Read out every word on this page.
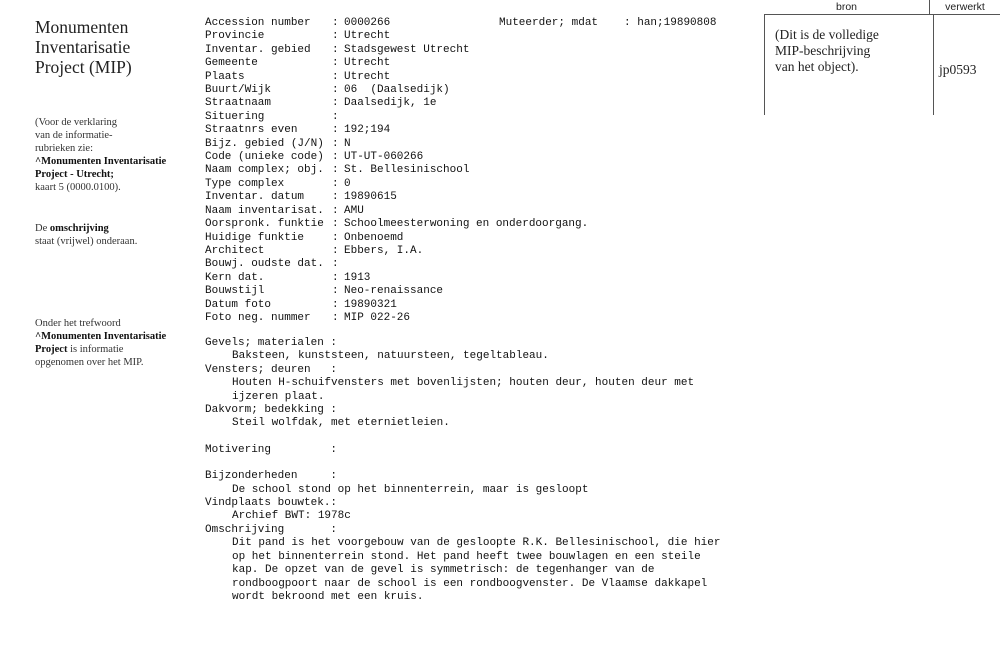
Monumenten
Inventarisatie
Project (MIP)
(Voor de verklaring
van de informatie-
rubrieken zie:
^Monumenten Inventarisatie
Project - Utrecht;
kaart 5 (0000.0100).
De omschrijving
staat (vrijwel) onderaan.
Onder het trefwoord
^Monumenten Inventarisatie
Project is informatie
opgenomen over het MIP.
Accession number	: 0000266	Muteerder; mdat : han;19890808
Provincie	: Utrecht
Inventar. gebied	: Stadsgewest Utrecht
Gemeente	: Utrecht
Plaats	: Utrecht
Buurt/Wijk	: 06  (Daalsedijk)
Straatnaam	: Daalsedijk, 1e
Situering	:
Straatnrs even	: 192;194
Bijz. gebied (J/N) : N
Code (unieke code) : UT-UT-060266
Naam complex; obj. : St. Bellesinischool
Type complex	: 0
Inventar. datum	: 19890615
Naam inventarisat. : AMU
Oorspronk. funktie : Schoolmeesterwoning en onderdoorgang.
Huidige funktie	: Onbenoemd
Architect	: Ebbers, I.A.
Bouwj. oudste dat. :
Kern dat.	: 1913
Bouwstijl	: Neo-renaissance
Datum foto	: 19890321
Foto neg. nummer	: MIP 022-26
Gevels; materialen :
Baksteen, kunststeen, natuursteen, tegeltableau.
Vensters; deuren   :
Houten H-schuifvensters met bovenlijsten; houten deur, houten deur met
ijzeren plaat.
Dakvorm; bedekking :
Steil wolfdak, met eternietleien.
Motivering         :
Bijzonderheden     :
De school stond op het binnenterrein, maar is gesloopt
Vindplaats bouwtek.:
Archief BWT: 1978c
Omschrijving       :
Dit pand is het voorgebouw van de gesloopte R.K. Bellesinischool, die hier
op het binnenterrein stond. Het pand heeft twee bouwlagen en een steile
kap. De opzet van de gevel is symmetrisch: de tegenhanger van de
rondboogpoort naar de school is een rondboogvenster. De Vlaamse dakkapel
wordt bekroond met een kruis.
bron	verwerkt
(Dit is de volledige
MIP-beschrijving
van het object).	jp0593
